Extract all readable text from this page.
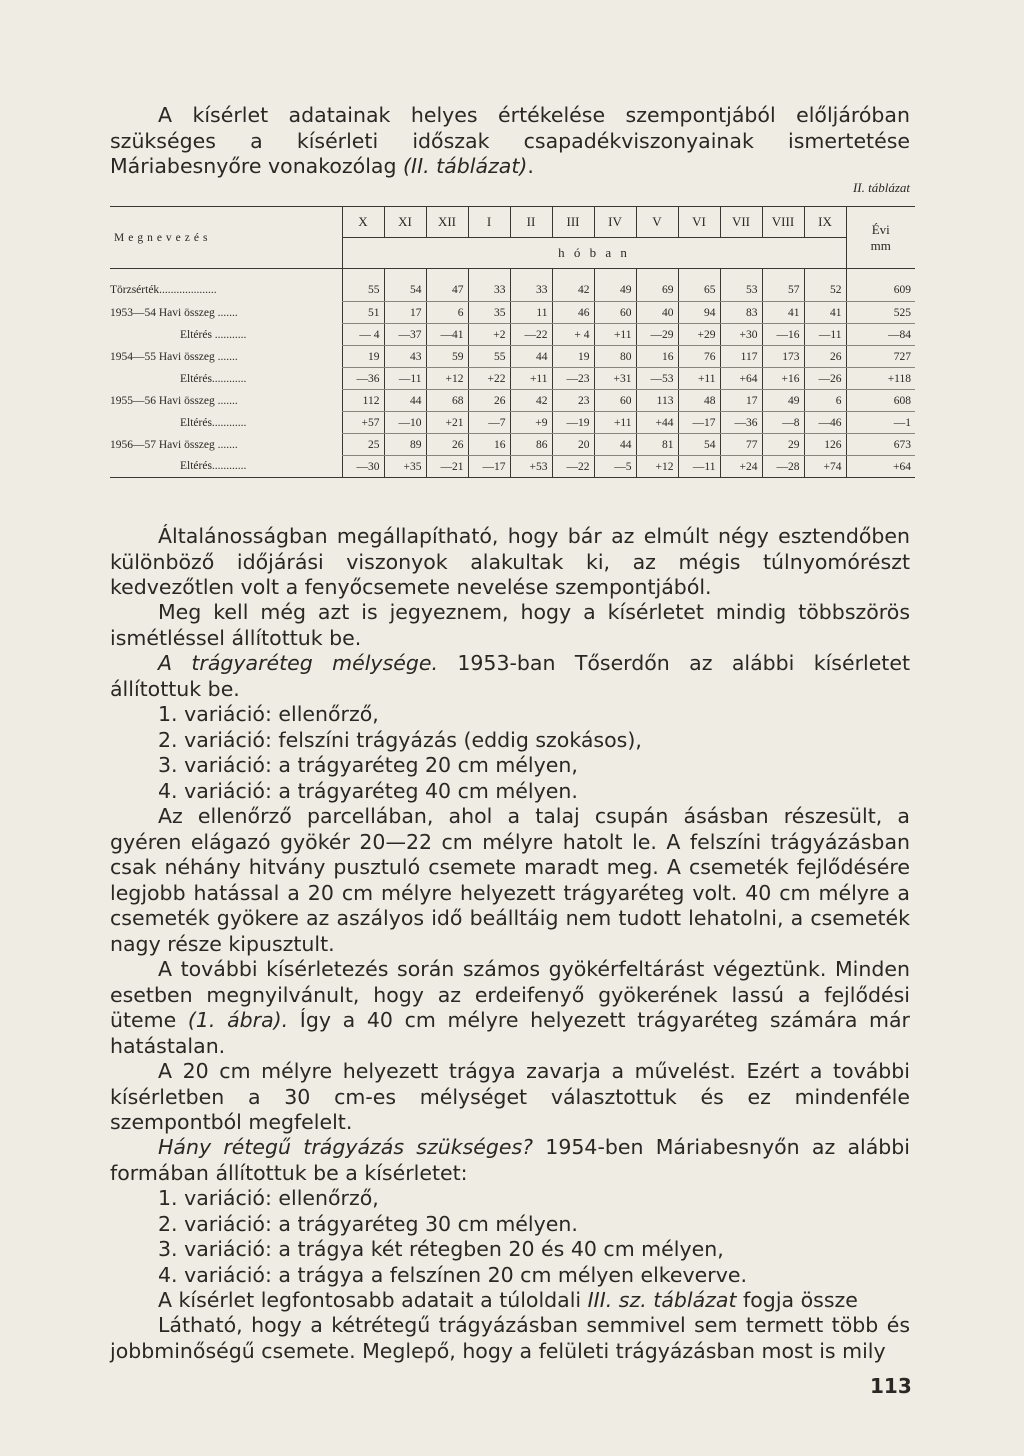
A kísérlet adatainak helyes értékelése szempontjából előljáróban szükséges a kísérleti időszak csapadékviszonyainak ismertetése Máriabesnyőre vonakozólag (II. táblázat).

II. táblázat
Megnevezés	X	XI	XII	I	II	III	IV	V	VI	VII	VIII	IX	Évi
mm
	h ó b a n												
Törzsérték....................	55	54	47	33	33	42	49	69	65	53	57	52	609
1953—54 Havi összeg .......	51	17	6	35	11	46	60	40	94	83	41	41	525
Eltérés ...........	— 4	—37	—41	+2	—22	+ 4	+11	—29	+29	+30	—16	—11	—84
1954—55 Havi összeg .......	19	43	59	55	44	19	80	16	76	117	173	26	727
Eltérés............	—36	—11	+12	+22	+11	—23	+31	—53	+11	+64	+16	—26	+118
1955—56 Havi összeg .......	112	44	68	26	42	23	60	113	48	17	49	6	608
Eltérés............	+57	—10	+21	—7	+9	—19	+11	+44	—17	—36	—8	—46	—1
1956—57 Havi összeg .......	25	89	26	16	86	20	44	81	54	77	29	126	673
Eltérés............	—30	+35	—21	—17	+53	—22	—5	+12	—11	+24	—28	+74	+64

Általánosságban megállapítható, hogy bár az elmúlt négy esztendőben különböző időjárási viszonyok alakultak ki, az mégis túlnyomórészt kedvezőtlen volt a fenyőcsemete nevelése szempontjából.

Meg kell még azt is jegyeznem, hogy a kísérletet mindig többszörös ismétléssel állítottuk be.

A trágyaréteg mélysége. 1953-ban Tőserdőn az alábbi kísérletet állítottuk be.

1. variáció: ellenőrző,
2. variáció: felszíni trágyázás (eddig szokásos),
3. variáció: a trágyaréteg 20 cm mélyen,
4. variáció: a trágyaréteg 40 cm mélyen.

Az ellenőrző parcellában, ahol a talaj csupán ásásban részesült, a gyéren elágazó gyökér 20—22 cm mélyre hatolt le. A felszíni trágyázásban csak néhány hitvány pusztuló csemete maradt meg. A csemeték fejlődésére legjobb hatással a 20 cm mélyre helyezett trágyaréteg volt. 40 cm mélyre a csemeték gyökere az aszályos idő beálltáig nem tudott lehatolni, a csemeték nagy része kipusztult.

A további kísérletezés során számos gyökérfeltárást végeztünk. Minden esetben megnyilvánult, hogy az erdeifenyő gyökerének lassú a fejlődési üteme (1. ábra). Így a 40 cm mélyre helyezett trágyaréteg számára már hatástalan.

A 20 cm mélyre helyezett trágya zavarja a művelést. Ezért a további kísérletben a 30 cm-es mélységet választottuk és ez mindenféle szempontból megfelelt.

Hány rétegű trágyázás szükséges? 1954-ben Máriabesnyőn az alábbi formában állítottuk be a kísérletet:

1. variáció: ellenőrző,
2. variáció: a trágyaréteg 30 cm mélyen.
3. variáció: a trágya két rétegben 20 és 40 cm mélyen,
4. variáció: a trágya a felszínen 20 cm mélyen elkeverve.

A kísérlet legfontosabb adatait a túloldali III. sz. táblázat fogja össze

Látható, hogy a kétrétegű trágyázásban semmivel sem termett több és jobbminőségű csemete. Meglepő, hogy a felületi trágyázásban most is mily

113
